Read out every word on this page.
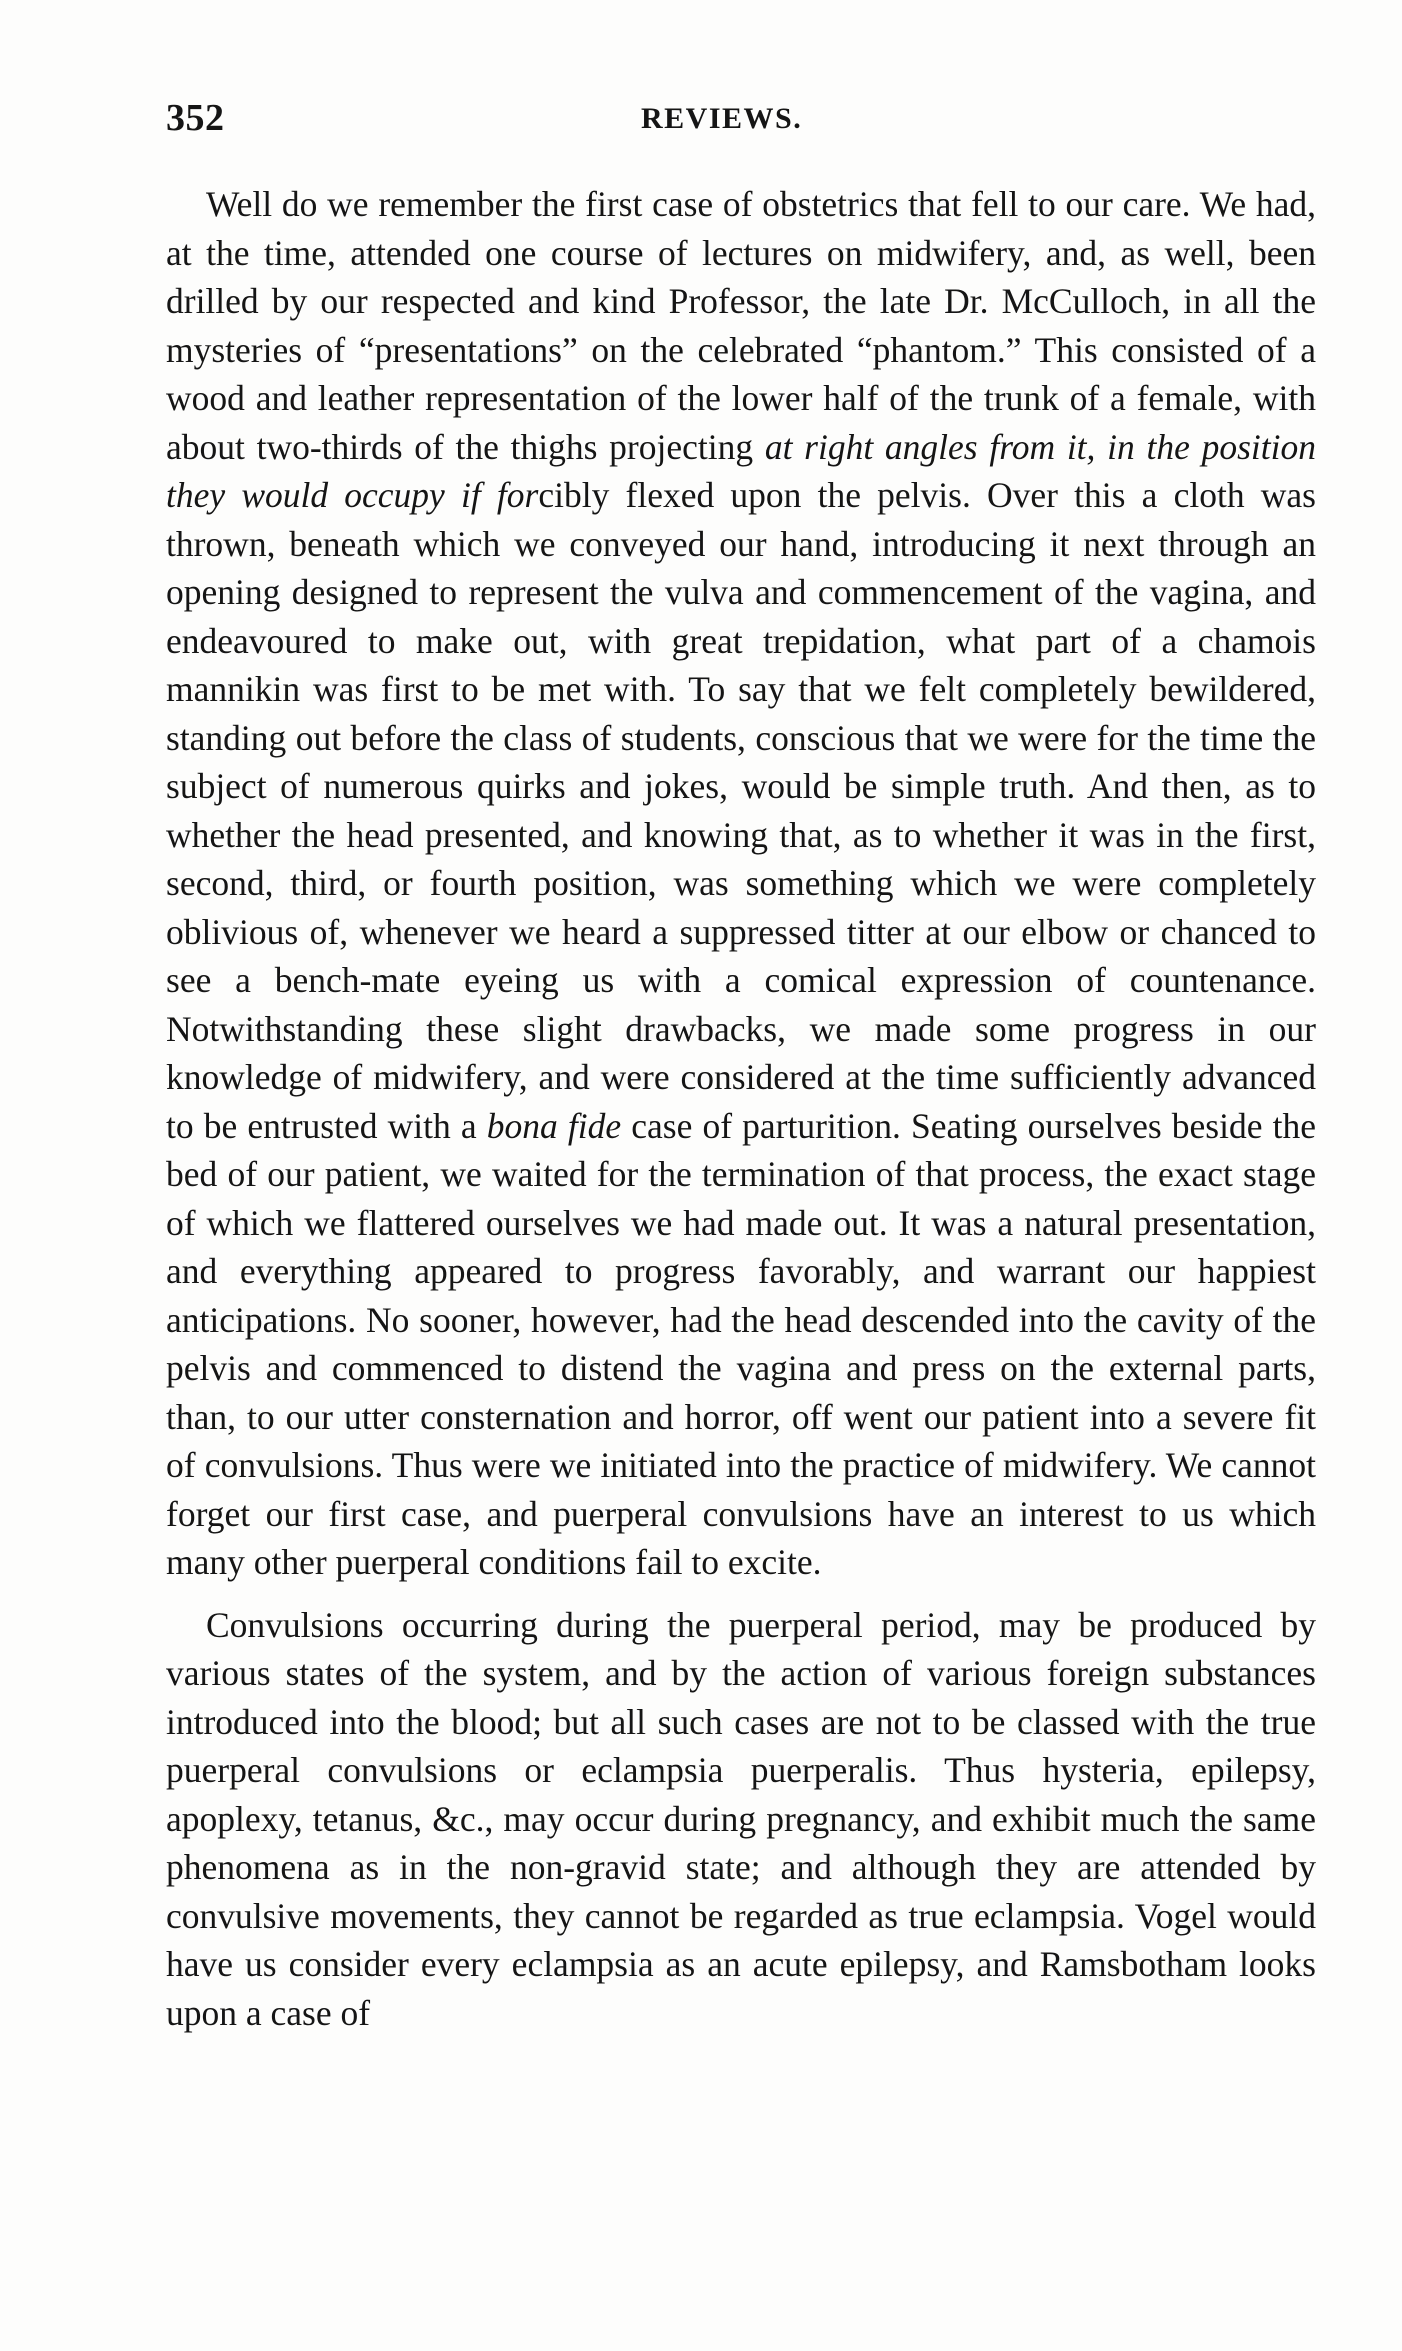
352	REVIEWS.

Well do we remember the first case of obstetrics that fell to our care. We had, at the time, attended one course of lectures on midwifery, and, as well, been drilled by our respected and kind Professor, the late Dr. McCulloch, in all the mysteries of “presentations” on the celebrated “phantom.” This consisted of a wood and leather representation of the lower half of the trunk of a female, with about two-thirds of the thighs projecting at right angles from it, in the position they would occupy if forcibly flexed upon the pelvis. Over this a cloth was thrown, beneath which we conveyed our hand, introducing it next through an opening designed to represent the vulva and commencement of the vagina, and endeavoured to make out, with great trepidation, what part of a chamois mannikin was first to be met with. To say that we felt completely bewildered, standing out before the class of students, conscious that we were for the time the subject of numerous quirks and jokes, would be simple truth. And then, as to whether the head presented, and knowing that, as to whether it was in the first, second, third, or fourth position, was something which we were completely oblivious of, whenever we heard a suppressed titter at our elbow or chanced to see a bench-mate eyeing us with a comical expression of countenance. Notwithstanding these slight drawbacks, we made some progress in our knowledge of midwifery, and were considered at the time sufficiently advanced to be entrusted with a bona fide case of parturition. Seating ourselves beside the bed of our patient, we waited for the termination of that process, the exact stage of which we flattered ourselves we had made out. It was a natural presentation, and everything appeared to progress favorably, and warrant our happiest anticipations. No sooner, however, had the head descended into the cavity of the pelvis and commenced to distend the vagina and press on the external parts, than, to our utter consternation and horror, off went our patient into a severe fit of convulsions. Thus were we initiated into the practice of midwifery. We cannot forget our first case, and puerperal convulsions have an interest to us which many other puerperal conditions fail to excite.

Convulsions occurring during the puerperal period, may be produced by various states of the system, and by the action of various foreign substances introduced into the blood; but all such cases are not to be classed with the true puerperal convulsions or eclampsia puerperalis. Thus hysteria, epilepsy, apoplexy, tetanus, &c., may occur during pregnancy, and exhibit much the same phenomena as in the non-gravid state; and although they are attended by convulsive movements, they cannot be regarded as true eclampsia. Vogel would have us consider every eclampsia as an acute epilepsy, and Ramsbotham looks upon a case of
